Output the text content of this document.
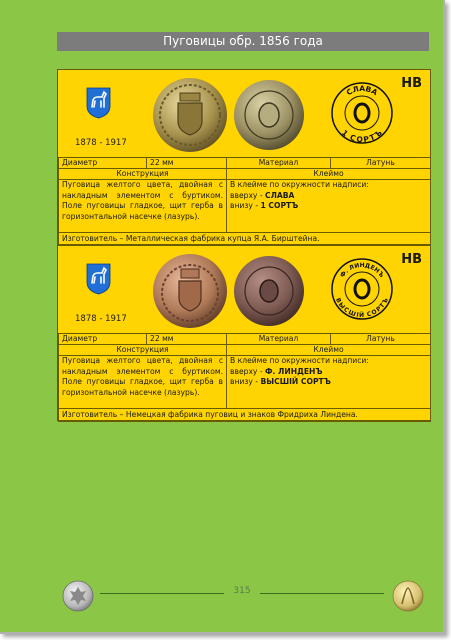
Пуговицы обр. 1856 года
1878 - 1917
СЛАВА
1 СОРТЪ
НВ
Диаметр	22 мм	Материал	Латунь
Конструкция		Клеймо	
Пуговица желтого цвета, двойная с накладным элементом с буртиком. Поле пуговицы гладкое, щит герба в горизонтальной насечке (лазурь).		В клейме по окружности надписи:
вверху - СЛАВА
внизу - 1 СОРТЪ	

Изготовитель – Металлическая фабрика купца Я.А. Бирштейна.			
1878 - 1917
Ф. ЛИНДЕНЪ
ВЫСШІЙ СОРТЪ
НВ
Диаметр	22 мм	Материал	Латунь
Конструкция		Клеймо	
Пуговица желтого цвета, двойная с накладным элементом с буртиком. Поле пуговицы гладкое, щит герба в горизонтальной насечке (лазурь).		В клейме по окружности надписи:
вверху - Ф. ЛИНДЕНЪ
внизу - ВЫСШІЙ СОРТЪ	

Изготовитель – Немецкая фабрика пуговиц и знаков Фридриха Линдена.			
315
